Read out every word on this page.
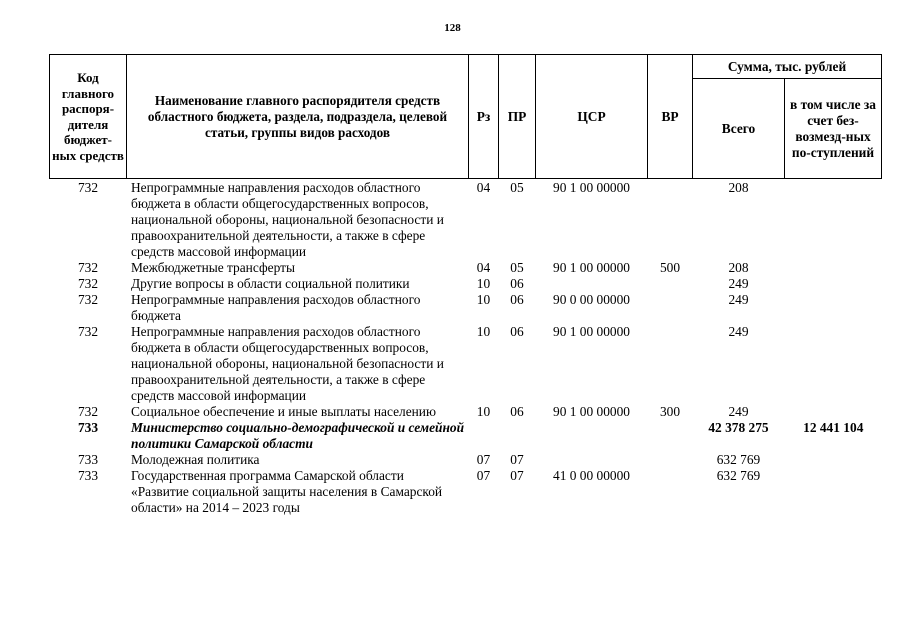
128
Код главного распоря-дителя бюджет-ных средств	Наименование главного распорядителя средств областного бюджета, раздела, подраздела, целевой статьи, группы видов расходов	Рз	ПР	ЦСР	ВР	Сумма, тыс. рублей	
						Всего	в том числе за счет без-возмезд-ных по-ступлений
732	Непрограммные направления расходов областного бюджета в области общегосударственных вопросов, национальной обороны, национальной безопасности и правоохранительной деятельности, а также в сфере средств массовой информации	04	05	90 1 00 00000		208	
732	Межбюджетные трансферты	04	05	90 1 00 00000	500	208	
732	Другие вопросы в области социальной политики	10	06			249	
732	Непрограммные направления расходов областного бюджета	10	06	90 0 00 00000		249	
732	Непрограммные направления расходов областного бюджета в области общегосударственных вопросов, национальной обороны, национальной безопасности и правоохранительной деятельности, а также в сфере средств массовой информации	10	06	90 1 00 00000		249	
732	Социальное обеспечение и иные выплаты населению	10	06	90 1 00 00000	300	249	
733	Министерство социально-демографической и семейной политики Самарской области					42 378 275	12 441 104
733	Молодежная политика	07	07			632 769	
733	Государственная программа Самарской области «Развитие социальной защиты населения в Самарской области» на 2014 – 2023 годы	07	07	41 0 00 00000		632 769	
